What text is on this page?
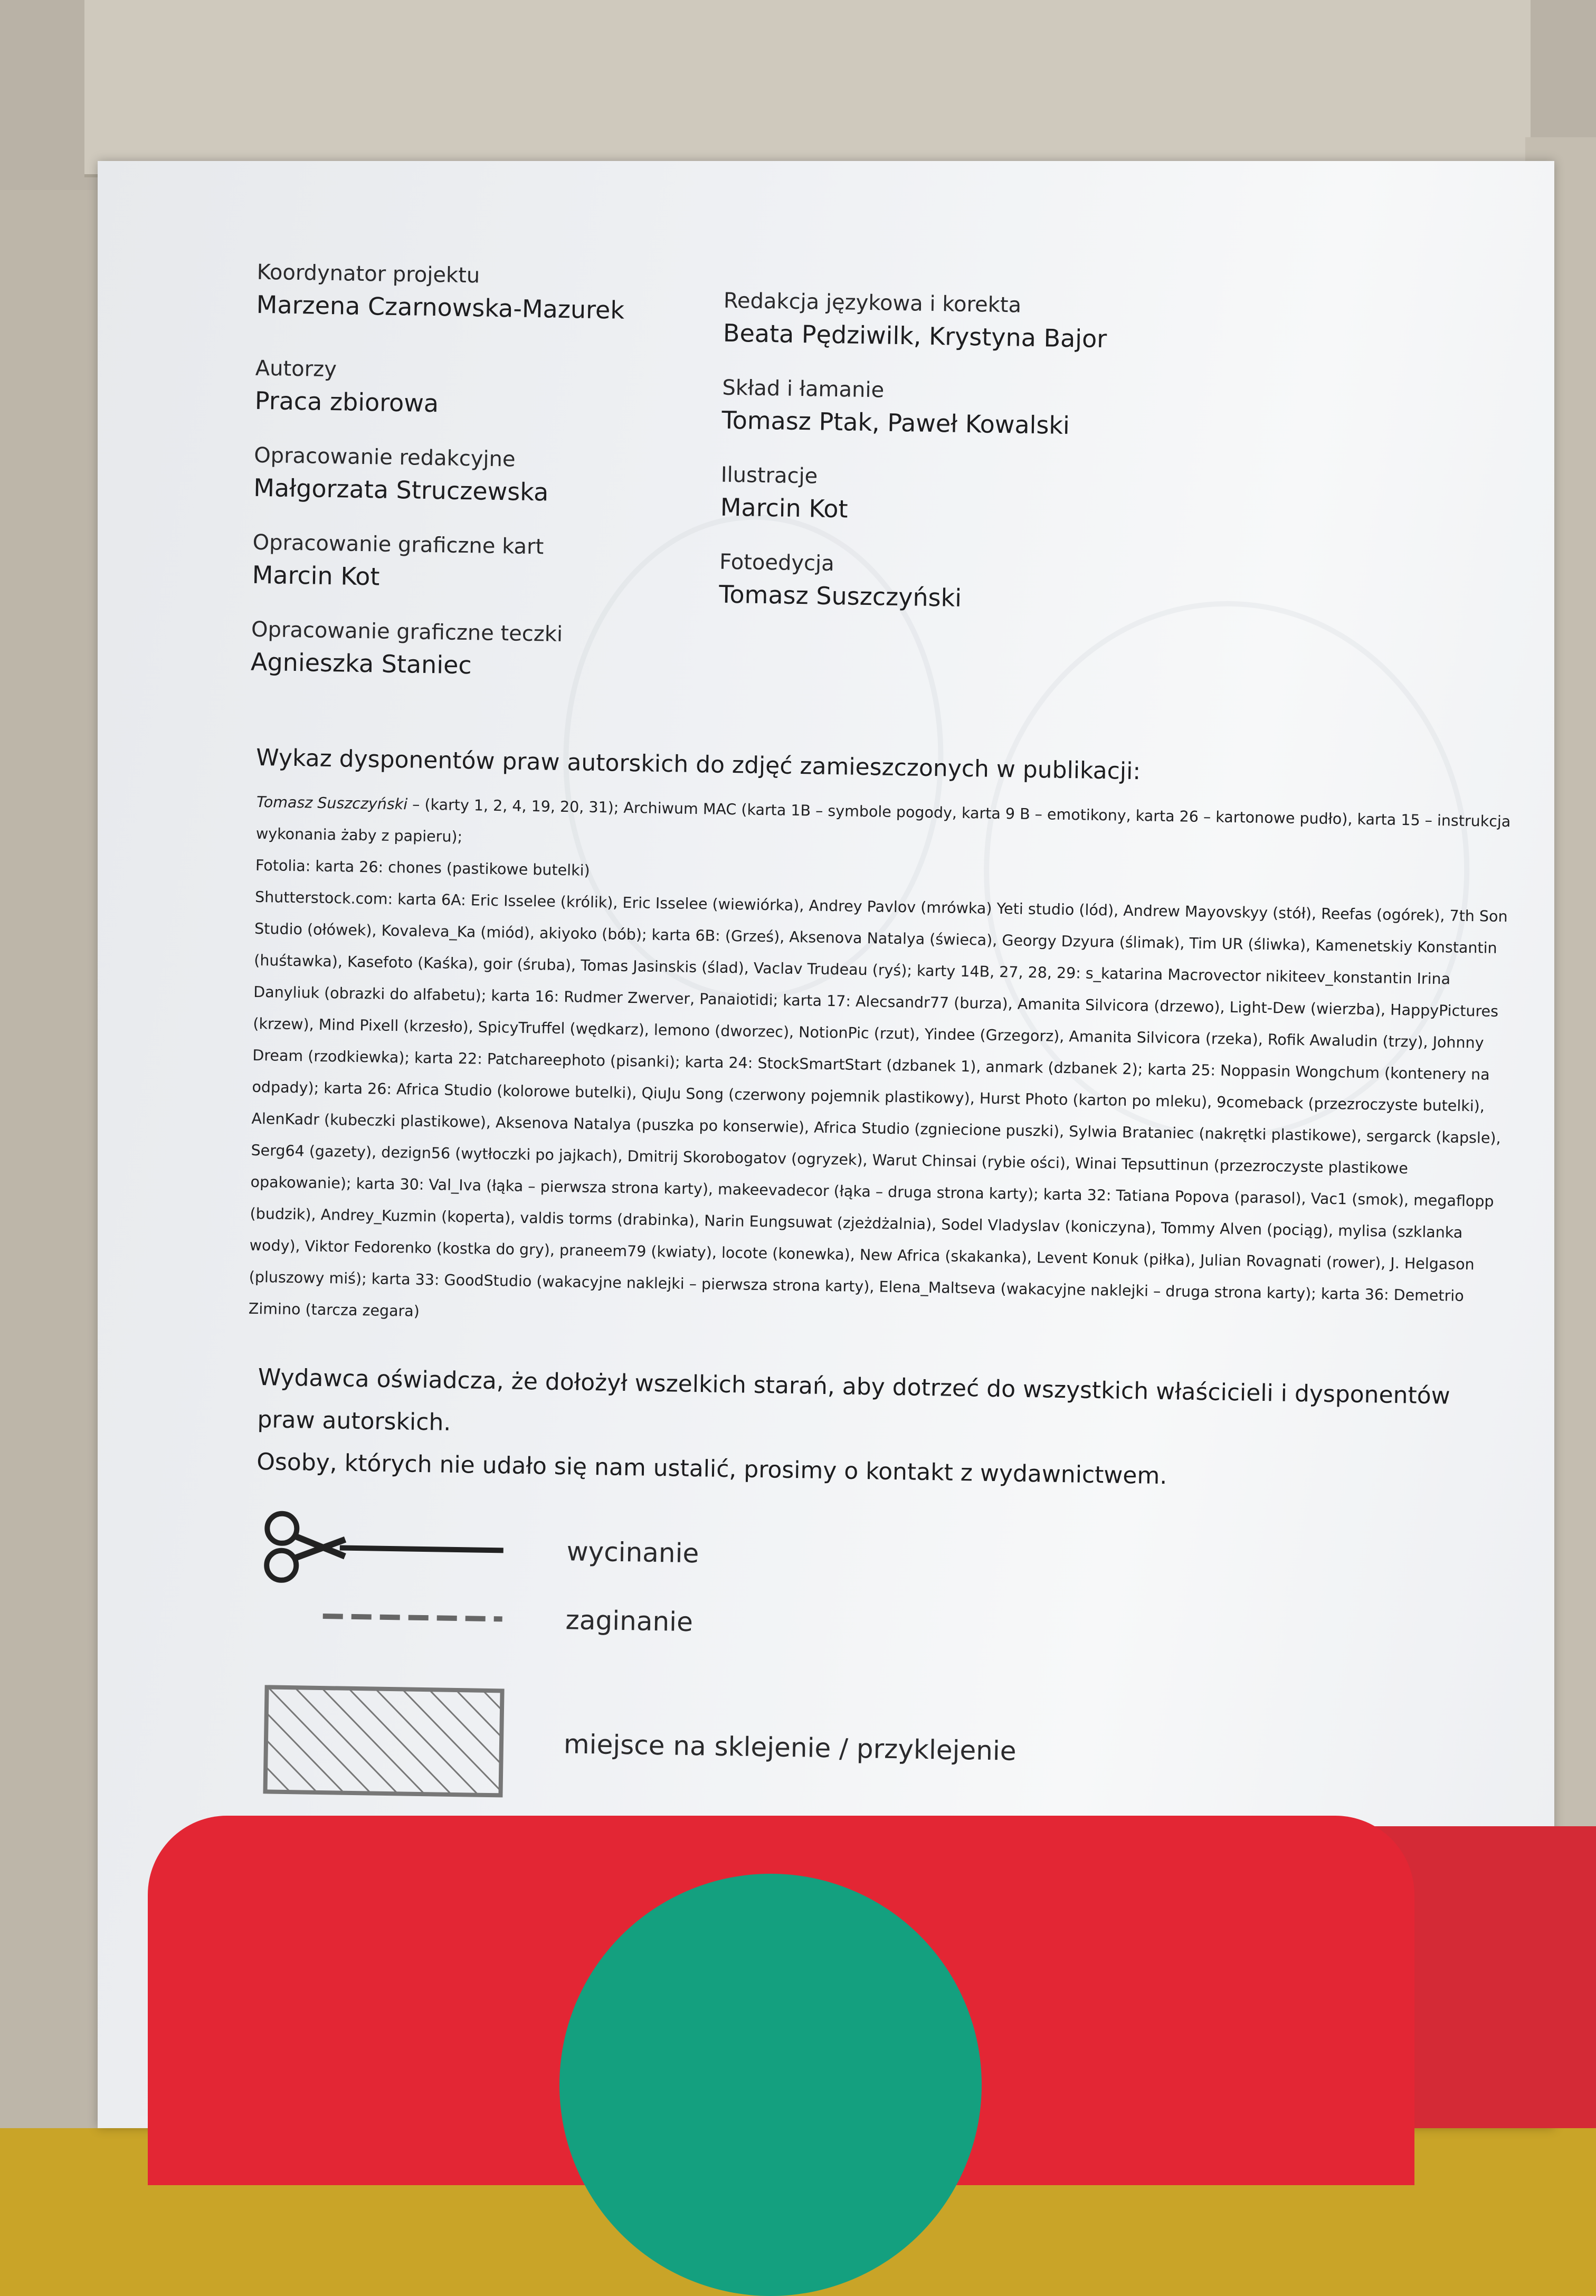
Koordynator projektu
Marzena Czarnowska-Mazurek
Autorzy
Praca zbiorowa
Opracowanie redakcyjne
Małgorzata Struczewska
Opracowanie graficzne kart
Marcin Kot
Opracowanie graficzne teczki
Agnieszka Staniec
Redakcja językowa i korekta
Beata Pędziwilk, Krystyna Bajor
Skład i łamanie
Tomasz Ptak, Paweł Kowalski
Ilustracje
Marcin Kot
Fotoedycja
Tomasz Suszczyński
Wykaz dysponentów praw autorskich do zdjęć zamieszczonych w publikacji:

Tomasz Suszczyński – (karty 1, 2, 4, 19, 20, 31); Archiwum MAC (karta 1B – symbole pogody, karta 9 B – emotikony, karta 26 – kartonowe pudło), karta 15 – instrukcja wykonania żaby z papieru);

Fotolia: karta 26: chones (pastikowe butelki)

Shutterstock.com: karta 6A: Eric Isselee (królik), Eric Isselee (wiewiórka), Andrey Pavlov (mrówka) Yeti studio (lód), Andrew Mayovskyy (stół), Reefas (ogórek), 7th Son Studio (ołówek), Kovaleva_Ka (miód), akiyoko (bób); karta 6B: (Grześ), Aksenova Natalya (świeca), Georgy Dzyura (ślimak), Tim UR (śliwka), Kamenetskiy Konstantin (huśtawka), Kasefoto (Kaśka), goir (śruba), Tomas Jasinskis (ślad), Vaclav Trudeau (ryś); karty 14B, 27, 28, 29: s_katarina Macrovector nikiteev_konstantin Irina Danyliuk (obrazki do alfabetu); karta 16: Rudmer Zwerver, Panaiotidi; karta 17: Alecsandr77 (burza), Amanita Silvicora (drzewo), Light-Dew (wierzba), HappyPictures (krzew), Mind Pixell (krzesło), SpicyTruffel (wędkarz), lemono (dworzec), NotionPic (rzut), Yindee (Grzegorz), Amanita Silvicora (rzeka), Rofik Awaludin (trzy), Johnny Dream (rzodkiewka); karta 22: Patchareephoto (pisanki); karta 24: StockSmartStart (dzbanek 1), anmark (dzbanek 2); karta 25: Noppasin Wongchum (kontenery na odpady); karta 26: Africa Studio (kolorowe butelki), QiuJu Song (czerwony pojemnik plastikowy), Hurst Photo (karton po mleku), 9comeback (przezroczyste butelki), AlenKadr (kubeczki plastikowe), Aksenova Natalya (puszka po konserwie), Africa Studio (zgniecione puszki), Sylwia Brataniec (nakrętki plastikowe), sergarck (kapsle), Serg64 (gazety), dezign56 (wytłoczki po jajkach), Dmitrij Skorobogatov (ogryzek), Warut Chinsai (rybie ości), Winai Tepsuttinun (przezroczyste plastikowe opakowanie); karta 30: Val_Iva (łąka – pierwsza strona karty), makeevadecor (łąka – druga strona karty); karta 32: Tatiana Popova (parasol), Vac1 (smok), megaflopp (budzik), Andrey_Kuzmin (koperta), valdis torms (drabinka), Narin Eungsuwat (zjeżdżalnia), Sodel Vladyslav (koniczyna), Tommy Alven (pociąg), mylisa (szklanka wody), Viktor Fedorenko (kostka do gry), praneem79 (kwiaty), locote (konewka), New Africa (skakanka), Levent Konuk (piłka), Julian Rovagnati (rower), J. Helgason (pluszowy miś); karta 33: GoodStudio (wakacyjne naklejki – pierwsza strona karty), Elena_Maltseva (wakacyjne naklejki – druga strona karty); karta 36: Demetrio Zimino (tarcza zegara)

Wydawca oświadcza, że dołożył wszelkich starań, aby dotrzeć do wszystkich właścicieli i dysponentów praw autorskich.
Osoby, których nie udało się nam ustalić, prosimy o kontakt z wydawnictwem.
wycinanie
zaginanie
miejsce na sklejenie / przyklejenie
